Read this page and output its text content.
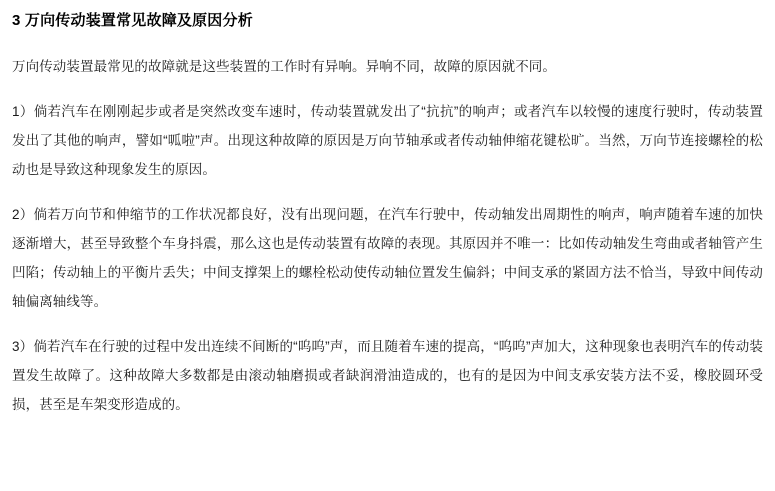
3 万向传动装置常见故障及原因分析

万向传动装置最常见的故障就是这些装置的工作时有异响。异响不同，故障的原因就不同。

1）倘若汽车在刚刚起步或者是突然改变车速时，传动装置就发出了“抗抗”的响声；或者汽车以较慢的速度行驶时，传动装置发出了其他的响声，譬如“呱啦”声。出现这种故障的原因是万向节轴承或者传动轴伸缩花键松旷。当然，万向节连接螺栓的松动也是导致这种现象发生的原因。

2）倘若万向节和伸缩节的工作状况都良好，没有出现问题，在汽车行驶中，传动轴发出周期性的响声，响声随着车速的加快逐渐增大，甚至导致整个车身抖震，那么这也是传动装置有故障的表现。其原因并不唯一：比如传动轴发生弯曲或者轴管产生凹陷；传动轴上的平衡片丢失；中间支撑架上的螺栓松动使传动轴位置发生偏斜；中间支承的紧固方法不恰当，导致中间传动轴偏离轴线等。

3）倘若汽车在行驶的过程中发出连续不间断的“呜呜”声，而且随着车速的提高，“呜呜”声加大，这种现象也表明汽车的传动装置发生故障了。这种故障大多数都是由滚动轴磨损或者缺润滑油造成的，也有的是因为中间支承安装方法不妥，橡胶圆环受损，甚至是车架变形造成的。
